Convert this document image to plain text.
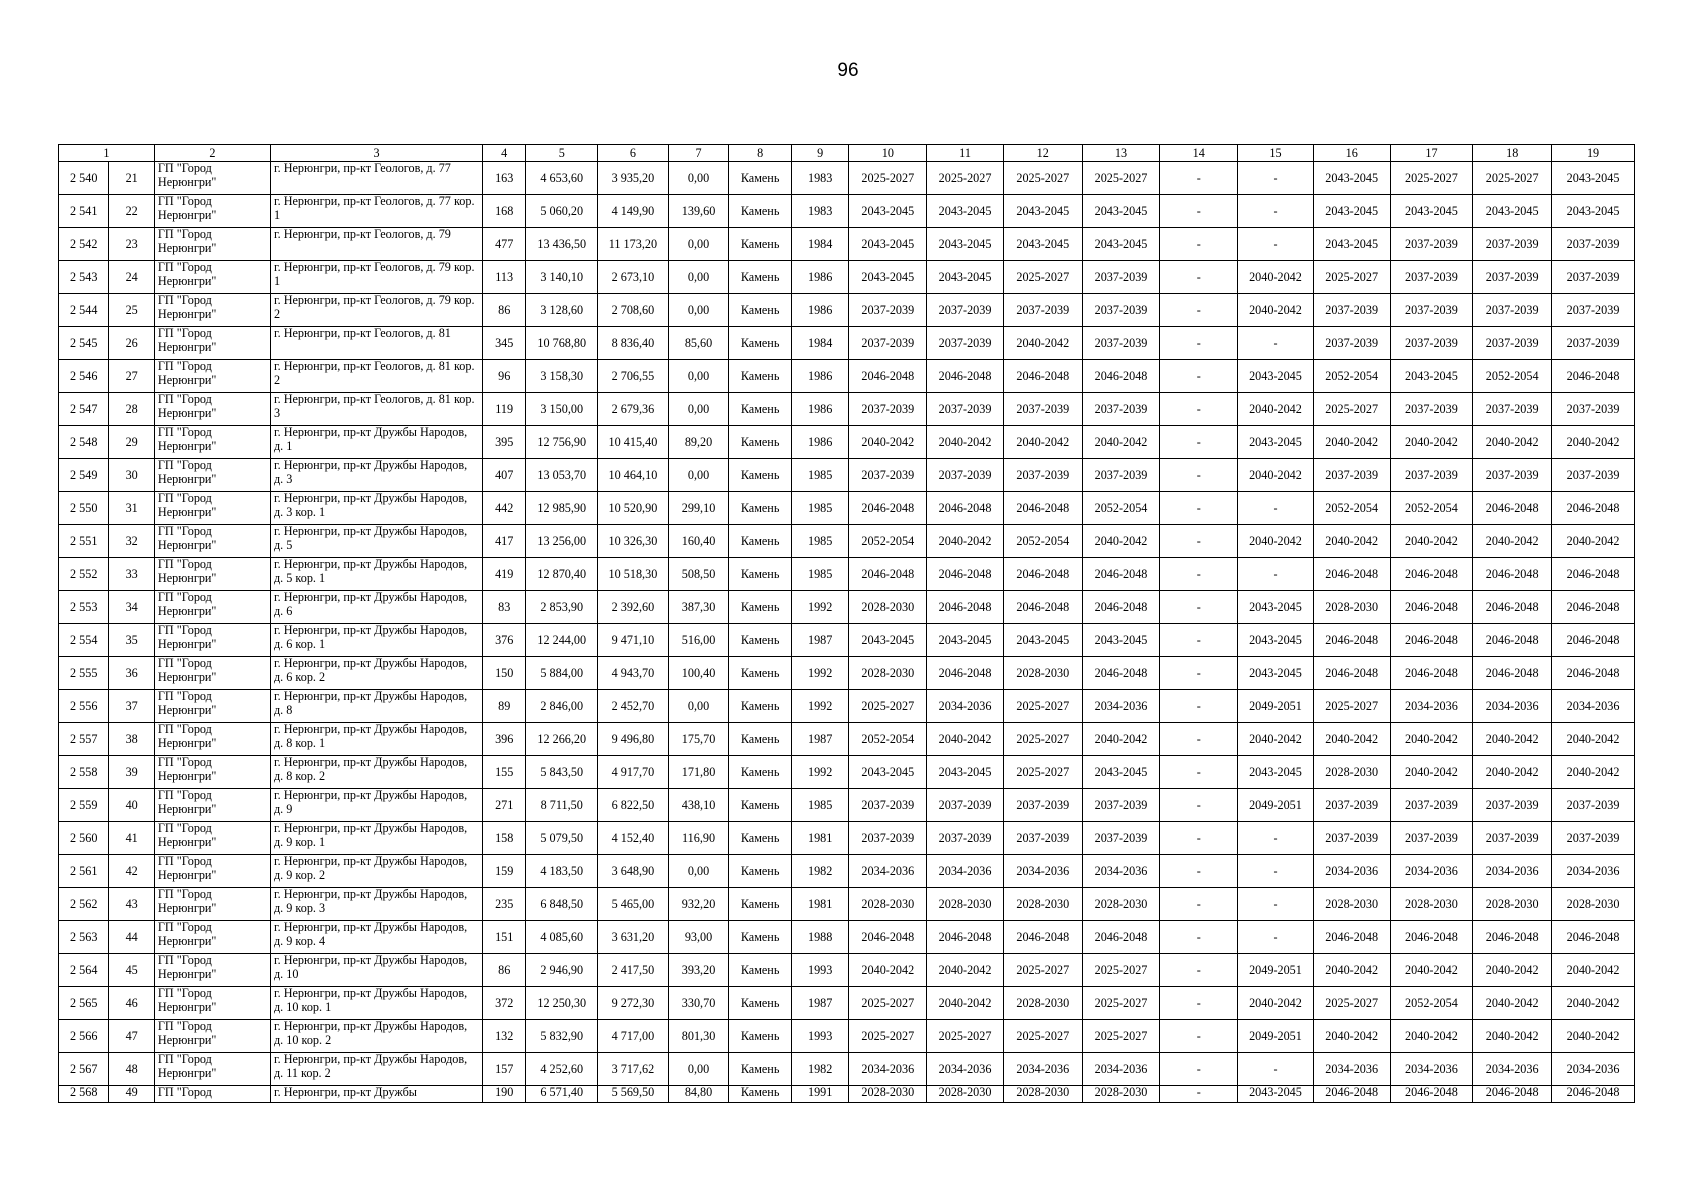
96
1		2	3	4	5	6	7	8	9	10	11	12	13	14	15	16	17	18	19
2 540	21	ГП "Город Нерюнгри"	г. Нерюнгри, пр-кт Геологов, д. 77	163	4 653,60	3 935,20	0,00	Камень	1983	2025-2027	2025-2027	2025-2027	2025-2027	-	-	2043-2045	2025-2027	2025-2027	2043-2045
2 541	22	ГП "Город Нерюнгри"	г. Нерюнгри, пр-кт Геологов, д. 77 кор. 1	168	5 060,20	4 149,90	139,60	Камень	1983	2043-2045	2043-2045	2043-2045	2043-2045	-	-	2043-2045	2043-2045	2043-2045	2043-2045
2 542	23	ГП "Город Нерюнгри"	г. Нерюнгри, пр-кт Геологов, д. 79	477	13 436,50	11 173,20	0,00	Камень	1984	2043-2045	2043-2045	2043-2045	2043-2045	-	-	2043-2045	2037-2039	2037-2039	2037-2039
2 543	24	ГП "Город Нерюнгри"	г. Нерюнгри, пр-кт Геологов, д. 79 кор. 1	113	3 140,10	2 673,10	0,00	Камень	1986	2043-2045	2043-2045	2025-2027	2037-2039	-	2040-2042	2025-2027	2037-2039	2037-2039	2037-2039
2 544	25	ГП "Город Нерюнгри"	г. Нерюнгри, пр-кт Геологов, д. 79 кор. 2	86	3 128,60	2 708,60	0,00	Камень	1986	2037-2039	2037-2039	2037-2039	2037-2039	-	2040-2042	2037-2039	2037-2039	2037-2039	2037-2039
2 545	26	ГП "Город Нерюнгри"	г. Нерюнгри, пр-кт Геологов, д. 81	345	10 768,80	8 836,40	85,60	Камень	1984	2037-2039	2037-2039	2040-2042	2037-2039	-	-	2037-2039	2037-2039	2037-2039	2037-2039
2 546	27	ГП "Город Нерюнгри"	г. Нерюнгри, пр-кт Геологов, д. 81 кор. 2	96	3 158,30	2 706,55	0,00	Камень	1986	2046-2048	2046-2048	2046-2048	2046-2048	-	2043-2045	2052-2054	2043-2045	2052-2054	2046-2048
2 547	28	ГП "Город Нерюнгри"	г. Нерюнгри, пр-кт Геологов, д. 81 кор. 3	119	3 150,00	2 679,36	0,00	Камень	1986	2037-2039	2037-2039	2037-2039	2037-2039	-	2040-2042	2025-2027	2037-2039	2037-2039	2037-2039
2 548	29	ГП "Город Нерюнгри"	г. Нерюнгри, пр-кт Дружбы Народов, д. 1	395	12 756,90	10 415,40	89,20	Камень	1986	2040-2042	2040-2042	2040-2042	2040-2042	-	2043-2045	2040-2042	2040-2042	2040-2042	2040-2042
2 549	30	ГП "Город Нерюнгри"	г. Нерюнгри, пр-кт Дружбы Народов, д. 3	407	13 053,70	10 464,10	0,00	Камень	1985	2037-2039	2037-2039	2037-2039	2037-2039	-	2040-2042	2037-2039	2037-2039	2037-2039	2037-2039
2 550	31	ГП "Город Нерюнгри"	г. Нерюнгри, пр-кт Дружбы Народов, д. 3 кор. 1	442	12 985,90	10 520,90	299,10	Камень	1985	2046-2048	2046-2048	2046-2048	2052-2054	-	-	2052-2054	2052-2054	2046-2048	2046-2048
2 551	32	ГП "Город Нерюнгри"	г. Нерюнгри, пр-кт Дружбы Народов, д. 5	417	13 256,00	10 326,30	160,40	Камень	1985	2052-2054	2040-2042	2052-2054	2040-2042	-	2040-2042	2040-2042	2040-2042	2040-2042	2040-2042
2 552	33	ГП "Город Нерюнгри"	г. Нерюнгри, пр-кт Дружбы Народов, д. 5 кор. 1	419	12 870,40	10 518,30	508,50	Камень	1985	2046-2048	2046-2048	2046-2048	2046-2048	-	-	2046-2048	2046-2048	2046-2048	2046-2048
2 553	34	ГП "Город Нерюнгри"	г. Нерюнгри, пр-кт Дружбы Народов, д. 6	83	2 853,90	2 392,60	387,30	Камень	1992	2028-2030	2046-2048	2046-2048	2046-2048	-	2043-2045	2028-2030	2046-2048	2046-2048	2046-2048
2 554	35	ГП "Город Нерюнгри"	г. Нерюнгри, пр-кт Дружбы Народов, д. 6 кор. 1	376	12 244,00	9 471,10	516,00	Камень	1987	2043-2045	2043-2045	2043-2045	2043-2045	-	2043-2045	2046-2048	2046-2048	2046-2048	2046-2048
2 555	36	ГП "Город Нерюнгри"	г. Нерюнгри, пр-кт Дружбы Народов, д. 6 кор. 2	150	5 884,00	4 943,70	100,40	Камень	1992	2028-2030	2046-2048	2028-2030	2046-2048	-	2043-2045	2046-2048	2046-2048	2046-2048	2046-2048
2 556	37	ГП "Город Нерюнгри"	г. Нерюнгри, пр-кт Дружбы Народов, д. 8	89	2 846,00	2 452,70	0,00	Камень	1992	2025-2027	2034-2036	2025-2027	2034-2036	-	2049-2051	2025-2027	2034-2036	2034-2036	2034-2036
2 557	38	ГП "Город Нерюнгри"	г. Нерюнгри, пр-кт Дружбы Народов, д. 8 кор. 1	396	12 266,20	9 496,80	175,70	Камень	1987	2052-2054	2040-2042	2025-2027	2040-2042	-	2040-2042	2040-2042	2040-2042	2040-2042	2040-2042
2 558	39	ГП "Город Нерюнгри"	г. Нерюнгри, пр-кт Дружбы Народов, д. 8 кор. 2	155	5 843,50	4 917,70	171,80	Камень	1992	2043-2045	2043-2045	2025-2027	2043-2045	-	2043-2045	2028-2030	2040-2042	2040-2042	2040-2042
2 559	40	ГП "Город Нерюнгри"	г. Нерюнгри, пр-кт Дружбы Народов, д. 9	271	8 711,50	6 822,50	438,10	Камень	1985	2037-2039	2037-2039	2037-2039	2037-2039	-	2049-2051	2037-2039	2037-2039	2037-2039	2037-2039
2 560	41	ГП "Город Нерюнгри"	г. Нерюнгри, пр-кт Дружбы Народов, д. 9 кор. 1	158	5 079,50	4 152,40	116,90	Камень	1981	2037-2039	2037-2039	2037-2039	2037-2039	-	-	2037-2039	2037-2039	2037-2039	2037-2039
2 561	42	ГП "Город Нерюнгри"	г. Нерюнгри, пр-кт Дружбы Народов, д. 9 кор. 2	159	4 183,50	3 648,90	0,00	Камень	1982	2034-2036	2034-2036	2034-2036	2034-2036	-	-	2034-2036	2034-2036	2034-2036	2034-2036
2 562	43	ГП "Город Нерюнгри"	г. Нерюнгри, пр-кт Дружбы Народов, д. 9 кор. 3	235	6 848,50	5 465,00	932,20	Камень	1981	2028-2030	2028-2030	2028-2030	2028-2030	-	-	2028-2030	2028-2030	2028-2030	2028-2030
2 563	44	ГП "Город Нерюнгри"	г. Нерюнгри, пр-кт Дружбы Народов, д. 9 кор. 4	151	4 085,60	3 631,20	93,00	Камень	1988	2046-2048	2046-2048	2046-2048	2046-2048	-	-	2046-2048	2046-2048	2046-2048	2046-2048
2 564	45	ГП "Город Нерюнгри"	г. Нерюнгри, пр-кт Дружбы Народов, д. 10	86	2 946,90	2 417,50	393,20	Камень	1993	2040-2042	2040-2042	2025-2027	2025-2027	-	2049-2051	2040-2042	2040-2042	2040-2042	2040-2042
2 565	46	ГП "Город Нерюнгри"	г. Нерюнгри, пр-кт Дружбы Народов, д. 10 кор. 1	372	12 250,30	9 272,30	330,70	Камень	1987	2025-2027	2040-2042	2028-2030	2025-2027	-	2040-2042	2025-2027	2052-2054	2040-2042	2040-2042
2 566	47	ГП "Город Нерюнгри"	г. Нерюнгри, пр-кт Дружбы Народов, д. 10 кор. 2	132	5 832,90	4 717,00	801,30	Камень	1993	2025-2027	2025-2027	2025-2027	2025-2027	-	2049-2051	2040-2042	2040-2042	2040-2042	2040-2042
2 567	48	ГП "Город Нерюнгри"	г. Нерюнгри, пр-кт Дружбы Народов, д. 11 кор. 2	157	4 252,60	3 717,62	0,00	Камень	1982	2034-2036	2034-2036	2034-2036	2034-2036	-	-	2034-2036	2034-2036	2034-2036	2034-2036
2 568	49	ГП "Город	г. Нерюнгри, пр-кт Дружбы	190	6 571,40	5 569,50	84,80	Камень	1991	2028-2030	2028-2030	2028-2030	2028-2030	-	2043-2045	2046-2048	2046-2048	2046-2048	2046-2048
